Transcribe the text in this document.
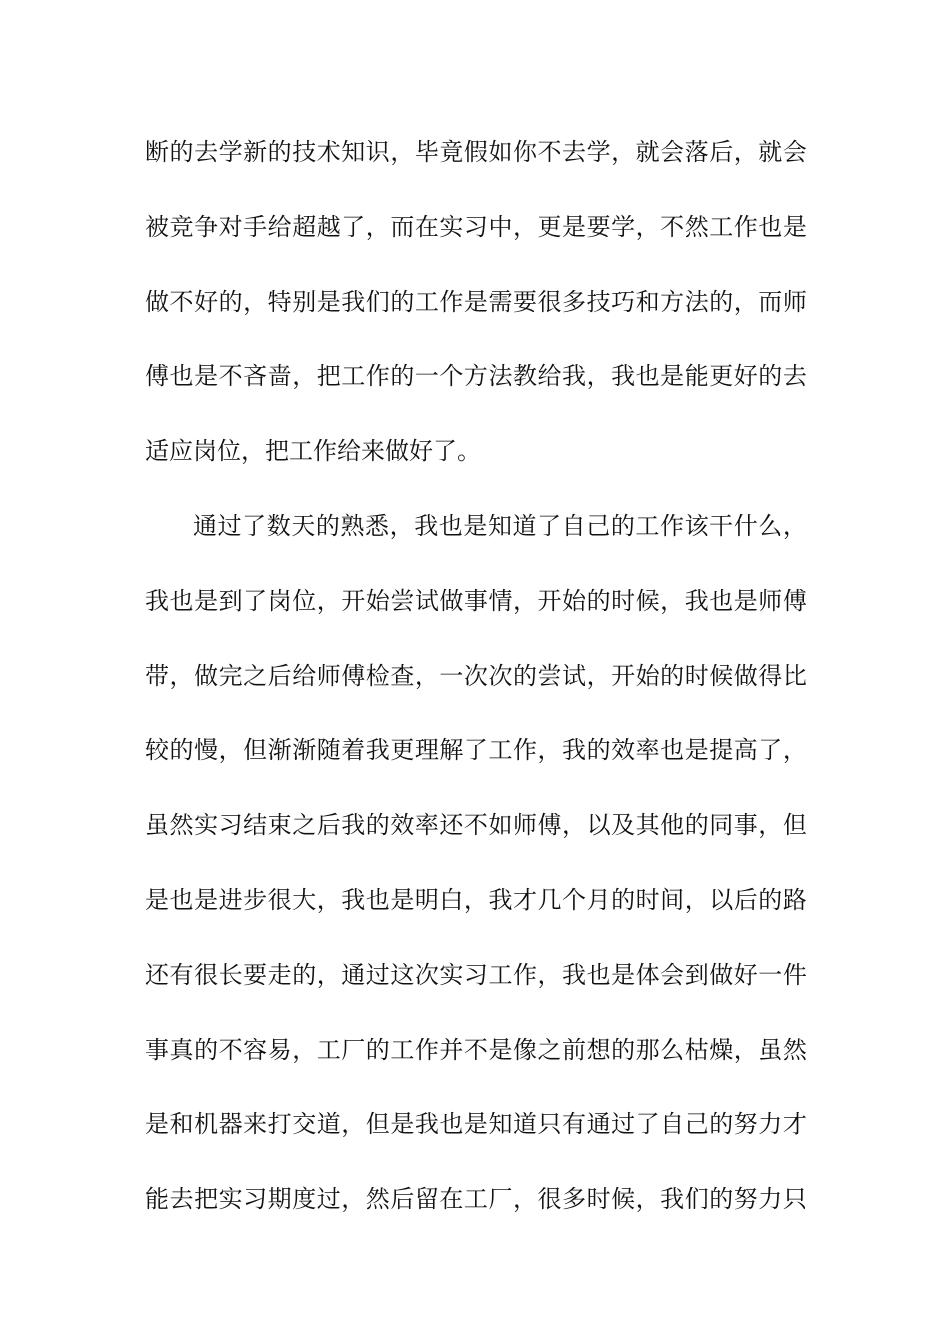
断 的 去 学 新 的 技 术 知 识 ， 毕 竟 假 如 你 不 去 学 ， 就 会 落 后 ， 就 会
被 竞 争 对 手 给 超 越 了 ， 而 在 实 习 中 ， 更 是 要 学 ， 不 然 工 作 也 是
做 不 好 的 ， 特 别 是 我 们 的 工 作 是 需 要 很 多 技 巧 和 方 法 的 ， 而 师
傅 也 是 不 吝 啬 ， 把 工 作 的 一 个 方 法 教 给 我 ， 我 也 是 能 更 好 的 去
适 应 岗 位 ， 把 工 作 给 来 做 好 了 。
通 过 了 数 天 的 熟 悉 ， 我 也 是 知 道 了 自 己 的 工 作 该 干 什 么 ，
我 也 是 到 了 岗 位 ， 开 始 尝 试 做 事 情 ， 开 始 的 时 候 ， 我 也 是 师 傅
带 ， 做 完 之 后 给 师 傅 检 查 ， 一 次 次 的 尝 试 ， 开 始 的 时 候 做 得 比
较 的 慢 ， 但 渐 渐 随 着 我 更 理 解 了 工 作 ， 我 的 效 率 也 是 提 高 了 ，
虽 然 实 习 结 束 之 后 我 的 效 率 还 不 如 师 傅 ， 以 及 其 他 的 同 事 ， 但
是 也 是 进 步 很 大 ， 我 也 是 明 白 ， 我 才 几 个 月 的 时 间 ， 以 后 的 路
还 有 很 长 要 走 的 ， 通 过 这 次 实 习 工 作 ， 我 也 是 体 会 到 做 好 一 件
事 真 的 不 容 易 ， 工 厂 的 工 作 并 不 是 像 之 前 想 的 那 么 枯 燥 ， 虽 然
是 和 机 器 来 打 交 道 ， 但 是 我 也 是 知 道 只 有 通 过 了 自 己 的 努 力 才
能 去 把 实 习 期 度 过 ， 然 后 留 在 工 厂 ， 很 多 时 候 ， 我 们 的 努 力 只
